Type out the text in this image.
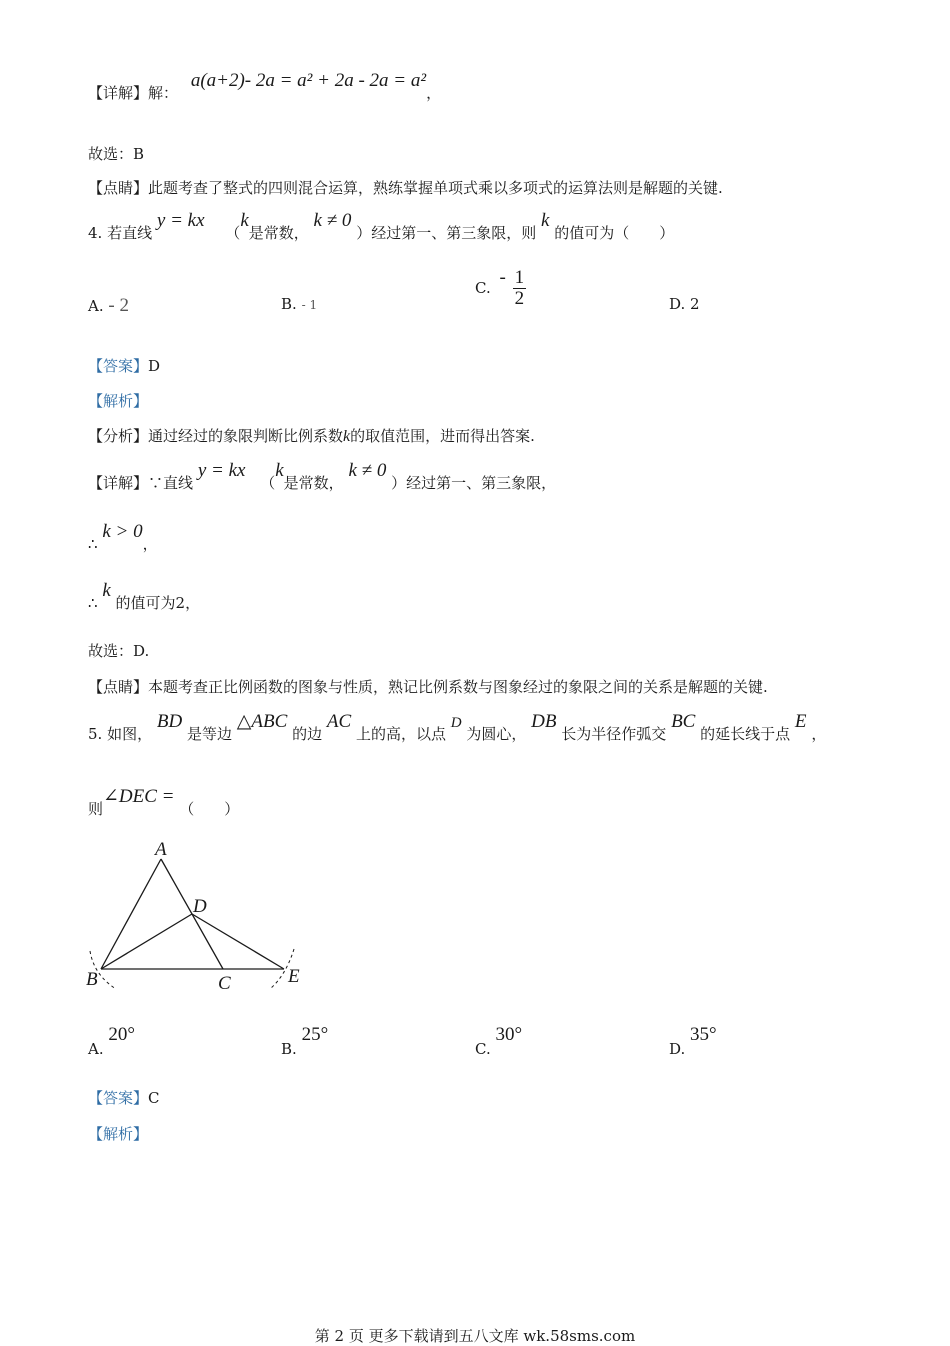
【详解】解： a(a+2)- 2a = a² + 2a - 2a = a²，
故选：B
【点睛】此题考查了整式的四则混合运算，熟练掌握单项式乘以多项式的运算法则是解题的关键.
4. 若直线 y = kx （k是常数， k ≠ 0 ）经过第一、第三象限，则 k 的值可为（　　）
A. - 2	B. - 1
C. - $\frac{1}{2}$	D. 2
【答案】D
【解析】
【分析】通过经过的象限判断比例系数k的取值范围，进而得出答案.
【详解】∵直线 y = kx （k是常数， k ≠ 0 ）经过第一、第三象限，
∴ k > 0，
∴ k 的值可为2，
故选：D.
【点睛】本题考查正比例函数的图象与性质，熟记比例系数与图象经过的象限之间的关系是解题的关键.
5. 如图， BD 是等边 △ABC 的边 AC 上的高，以点 D 为圆心， DB 长为半径作弧交 BC 的延长线于点 E ，
则∠DEC = （　　）
A
B	C
D
E
A. 20°
B. 25°
C. 30°
D. 35°
【答案】C
【解析】
第 2 页 更多下载请到五八文库 wk.58sms.com
